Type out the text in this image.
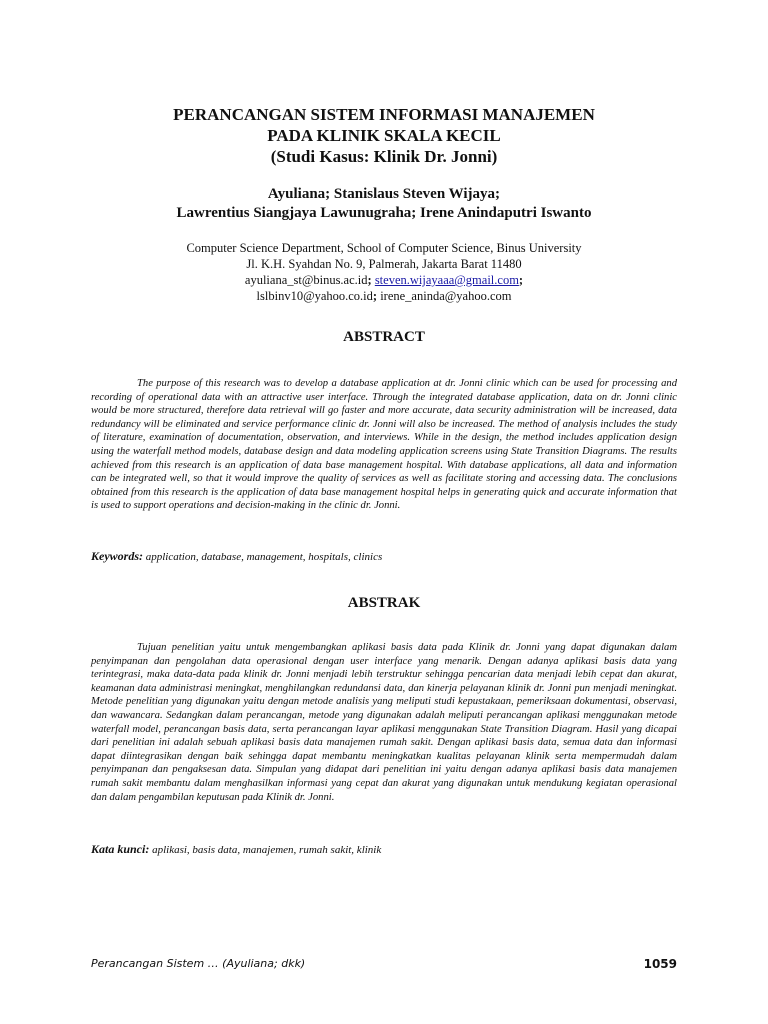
PERANCANGAN SISTEM INFORMASI MANAJEMEN
PADA KLINIK SKALA KECIL
(Studi Kasus: Klinik Dr. Jonni)
Ayuliana; Stanislaus Steven Wijaya;
Lawrentius Siangjaya Lawunugraha; Irene Anindaputri Iswanto
Computer Science Department, School of Computer Science, Binus University
Jl. K.H. Syahdan No. 9, Palmerah, Jakarta Barat 11480
ayuliana_st@binus.ac.id; steven.wijayaaa@gmail.com;
lslbinv10@yahoo.co.id; irene_aninda@yahoo.com
ABSTRACT
The purpose of this research was to develop a database application at dr. Jonni clinic which can be used for processing and recording of operational data with an attractive user interface. Through the integrated database application, data on dr. Jonni clinic would be more structured, therefore data retrieval will go faster and more accurate, data security administration will be increased, data redundancy will be eliminated and service performance clinic dr. Jonni will also be increased. The method of analysis includes the study of literature, examination of documentation, observation, and interviews. While in the design, the method includes application design using the waterfall method models, database design and data modeling application screens using State Transition Diagrams. The results achieved from this research is an application of data base management hospital. With database applications, all data and information can be integrated well, so that it would improve the quality of services as well as facilitate storing and accessing data. The conclusions obtained from this research is the application of data base management hospital helps in generating quick and accurate information that is used to support operations and decision-making in the clinic dr. Jonni.
Keywords: application, database, management, hospitals, clinics
ABSTRAK
Tujuan penelitian yaitu untuk mengembangkan aplikasi basis data pada Klinik dr. Jonni yang dapat digunakan dalam penyimpanan dan pengolahan data operasional dengan user interface yang menarik. Dengan adanya aplikasi basis data yang terintegrasi, maka data-data pada klinik dr. Jonni menjadi lebih terstruktur sehingga pencarian data menjadi lebih cepat dan akurat, keamanan data administrasi meningkat, menghilangkan redundansi data, dan kinerja pelayanan klinik dr. Jonni pun menjadi meningkat. Metode penelitian yang digunakan yaitu dengan metode analisis yang meliputi studi kepustakaan, pemeriksaan dokumentasi, observasi, dan wawancara. Sedangkan dalam perancangan, metode yang digunakan adalah meliputi perancangan aplikasi menggunakan metode waterfall model, perancangan basis data, serta perancangan layar aplikasi menggunakan State Transition Diagram. Hasil yang dicapai dari penelitian ini adalah sebuah aplikasi basis data manajemen rumah sakit. Dengan aplikasi basis data, semua data dan informasi dapat diintegrasikan dengan baik sehingga dapat membantu meningkatkan kualitas pelayanan klinik serta mempermudah dalam penyimpanan dan pengaksesan data. Simpulan yang didapat dari penelitian ini yaitu dengan adanya aplikasi basis data manajemen rumah sakit membantu dalam menghasilkan informasi yang cepat dan akurat yang digunakan untuk mendukung kegiatan operasional dan dalam pengambilan keputusan pada Klinik dr. Jonni.
Kata kunci: aplikasi, basis data, manajemen, rumah sakit, klinik
Perancangan Sistem … (Ayuliana; dkk)	1059
